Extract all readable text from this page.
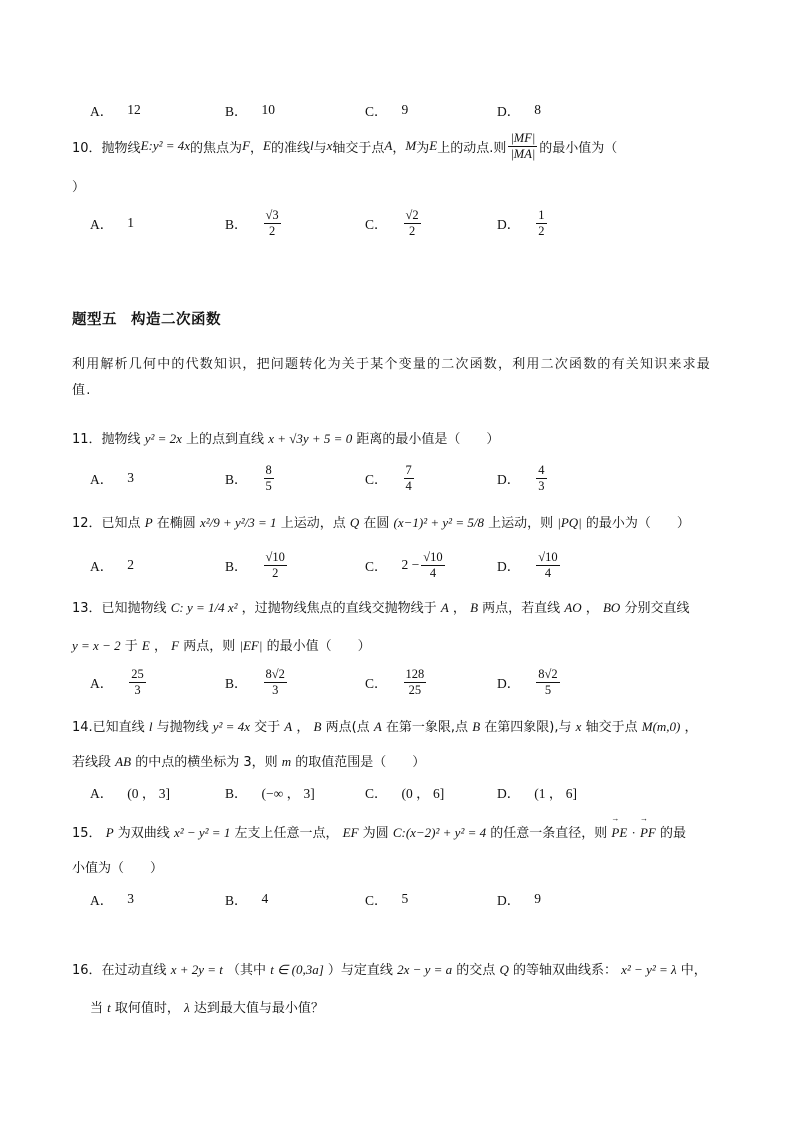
A． 12	B． 10	C． 9	D． 8
10． 抛物线 E:y² = 4x 的焦点为 F ， E 的准线 l 与 x 轴交于点 A ， M 为 E 上的动点.则 $\frac{|MF|}{|MA|}$ 的最小值为（
）
A． 1	B． $\frac{√3}{2}$	C． $\frac{√2}{2}$	D． $\frac{1}{2}$
题型五 构造二次函数
利用解析几何中的代数知识，把问题转化为关于某个变量的二次函数，利用二次函数的有关知识来求最值.
11．抛物线 y² = 2x 上的点到直线 x + √3y + 5 = 0 距离的最小值是（　　）
A． 3	B． $\frac{8}{5}$	C． $\frac{7}{4}$	D． $\frac{4}{3}$
12．已知点 P 在椭圆 x²/9 + y²/3 = 1 上运动，点 Q 在圆 (x−1)² + y² = 5/8 上运动，则 |PQ| 的最小为（　　）
A． 2	B． $\frac{√10}{2}$	C． $2 - \frac{√10}{4}$	D． $\frac{√10}{4}$
13．已知抛物线 C: y = 1/4 x² ，过抛物线焦点的直线交抛物线于 A ， B 两点，若直线 AO ， BO 分别交直线
y = x − 2 于 E ， F 两点，则 |EF| 的最小值（　　）
A． $\frac{25}{3}$	B． $\frac{8√2}{3}$	C． $\frac{128}{25}$	D． $\frac{8√2}{5}$
14.已知直线 l 与抛物线 y² = 4x 交于 A ， B 两点(点 A 在第一象限,点 B 在第四象限),与 x 轴交于点 M(m,0) ，
若线段 AB 的中点的横坐标为 3，则 m 的取值范围是（　　）
A． (0 ， 3]	B． (−∞ ， 3]	C． (0 ， 6]	D． (1 ， 6]
15． P 为双曲线 x² − y² = 1 左支上任意一点， EF 为圆 C:(x−2)² + y² = 4 的任意一条直径，则 → PE · → PF 的最
小值为（　　）
A． 3	B． 4	C． 5	D． 9
16．在过动直线 x + 2y = t （其中 t ∈ (0,3a] ）与定直线 2x − y = a 的交点 Q 的等轴双曲线系： x² − y² = λ 中，
当 t 取何值时， λ 达到最大值与最小值？
